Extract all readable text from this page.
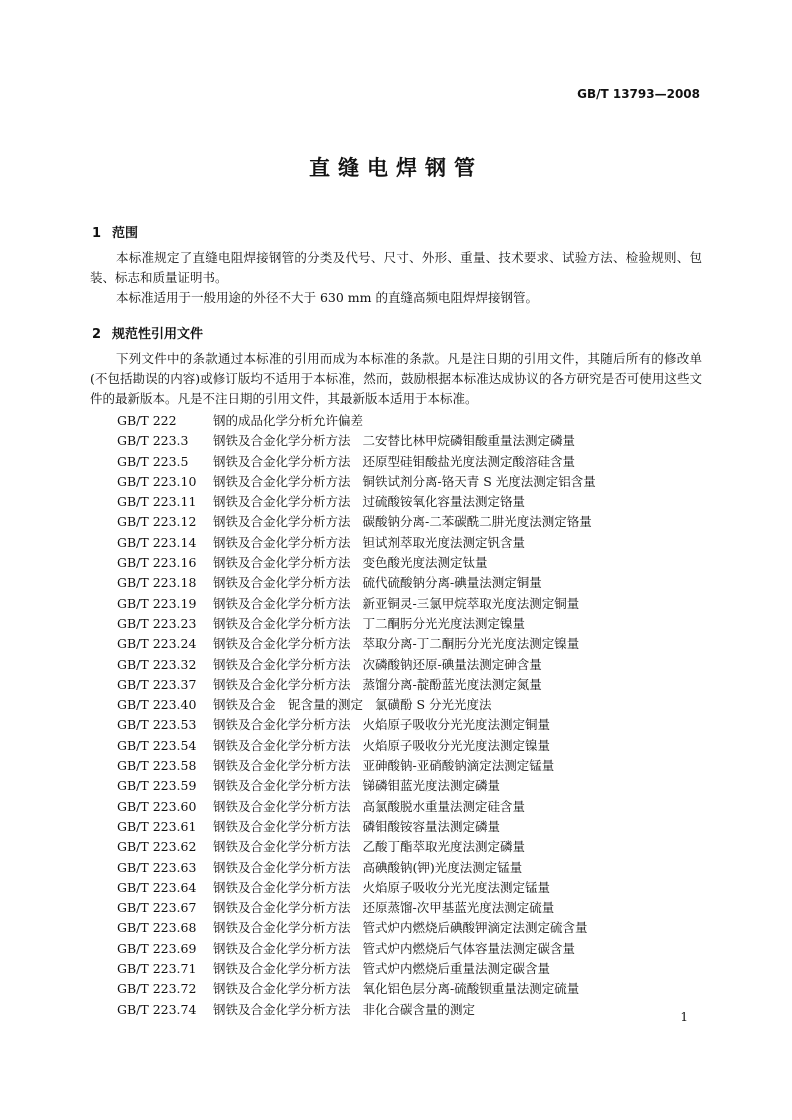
GB/T 13793—2008
直缝电焊钢管
1 范围

本标准规定了直缝电阻焊接钢管的分类及代号、尺寸、外形、重量、技术要求、试验方法、检验规则、包装、标志和质量证明书。

本标准适用于一般用途的外径不大于 630 mm 的直缝高频电阻焊焊接钢管。

2 规范性引用文件

下列文件中的条款通过本标准的引用而成为本标准的条款。凡是注日期的引用文件，其随后所有的修改单(不包括勘误的内容)或修订版均不适用于本标准，然而，鼓励根据本标准达成协议的各方研究是否可使用这些文件的最新版本。凡是不注日期的引用文件，其最新版本适用于本标准。

GB/T 222	钢的成品化学分析允许偏差
GB/T 223.3 钢铁及合金化学分析方法 二安替比林甲烷磷钼酸重量法测定磷量
GB/T 223.5 钢铁及合金化学分析方法 还原型硅钼酸盐光度法测定酸溶硅含量
GB/T 223.10 钢铁及合金化学分析方法 铜铁试剂分离-铬天青 S 光度法测定铝含量
GB/T 223.11 钢铁及合金化学分析方法 过硫酸铵氧化容量法测定铬量
GB/T 223.12 钢铁及合金化学分析方法 碳酸钠分离-二苯碳酰二肼光度法测定铬量
GB/T 223.14 钢铁及合金化学分析方法 钽试剂萃取光度法测定钒含量
GB/T 223.16 钢铁及合金化学分析方法 变色酸光度法测定钛量
GB/T 223.18 钢铁及合金化学分析方法 硫代硫酸钠分离-碘量法测定铜量
GB/T 223.19 钢铁及合金化学分析方法 新亚铜灵-三氯甲烷萃取光度法测定铜量
GB/T 223.23 钢铁及合金化学分析方法 丁二酮肟分光光度法测定镍量
GB/T 223.24 钢铁及合金化学分析方法 萃取分离-丁二酮肟分光光度法测定镍量
GB/T 223.32 钢铁及合金化学分析方法 次磷酸钠还原-碘量法测定砷含量
GB/T 223.37 钢铁及合金化学分析方法 蒸馏分离-靛酚蓝光度法测定氮量
GB/T 223.40 钢铁及合金　铌含量的测定 氯磺酚 S 分光光度法
GB/T 223.53 钢铁及合金化学分析方法 火焰原子吸收分光光度法测定铜量
GB/T 223.54 钢铁及合金化学分析方法 火焰原子吸收分光光度法测定镍量
GB/T 223.58 钢铁及合金化学分析方法 亚砷酸钠-亚硝酸钠滴定法测定锰量
GB/T 223.59 钢铁及合金化学分析方法 锑磷钼蓝光度法测定磷量
GB/T 223.60 钢铁及合金化学分析方法 高氯酸脱水重量法测定硅含量
GB/T 223.61 钢铁及合金化学分析方法 磷钼酸铵容量法测定磷量
GB/T 223.62 钢铁及合金化学分析方法 乙酸丁酯萃取光度法测定磷量
GB/T 223.63 钢铁及合金化学分析方法 高碘酸钠(钾)光度法测定锰量
GB/T 223.64 钢铁及合金化学分析方法 火焰原子吸收分光光度法测定锰量
GB/T 223.67 钢铁及合金化学分析方法 还原蒸馏-次甲基蓝光度法测定硫量
GB/T 223.68 钢铁及合金化学分析方法 管式炉内燃烧后碘酸钾滴定法测定硫含量
GB/T 223.69 钢铁及合金化学分析方法 管式炉内燃烧后气体容量法测定碳含量
GB/T 223.71 钢铁及合金化学分析方法 管式炉内燃烧后重量法测定碳含量
GB/T 223.72 钢铁及合金化学分析方法 氧化铝色层分离-硫酸钡重量法测定硫量
GB/T 223.74 钢铁及合金化学分析方法 非化合碳含量的测定
1
